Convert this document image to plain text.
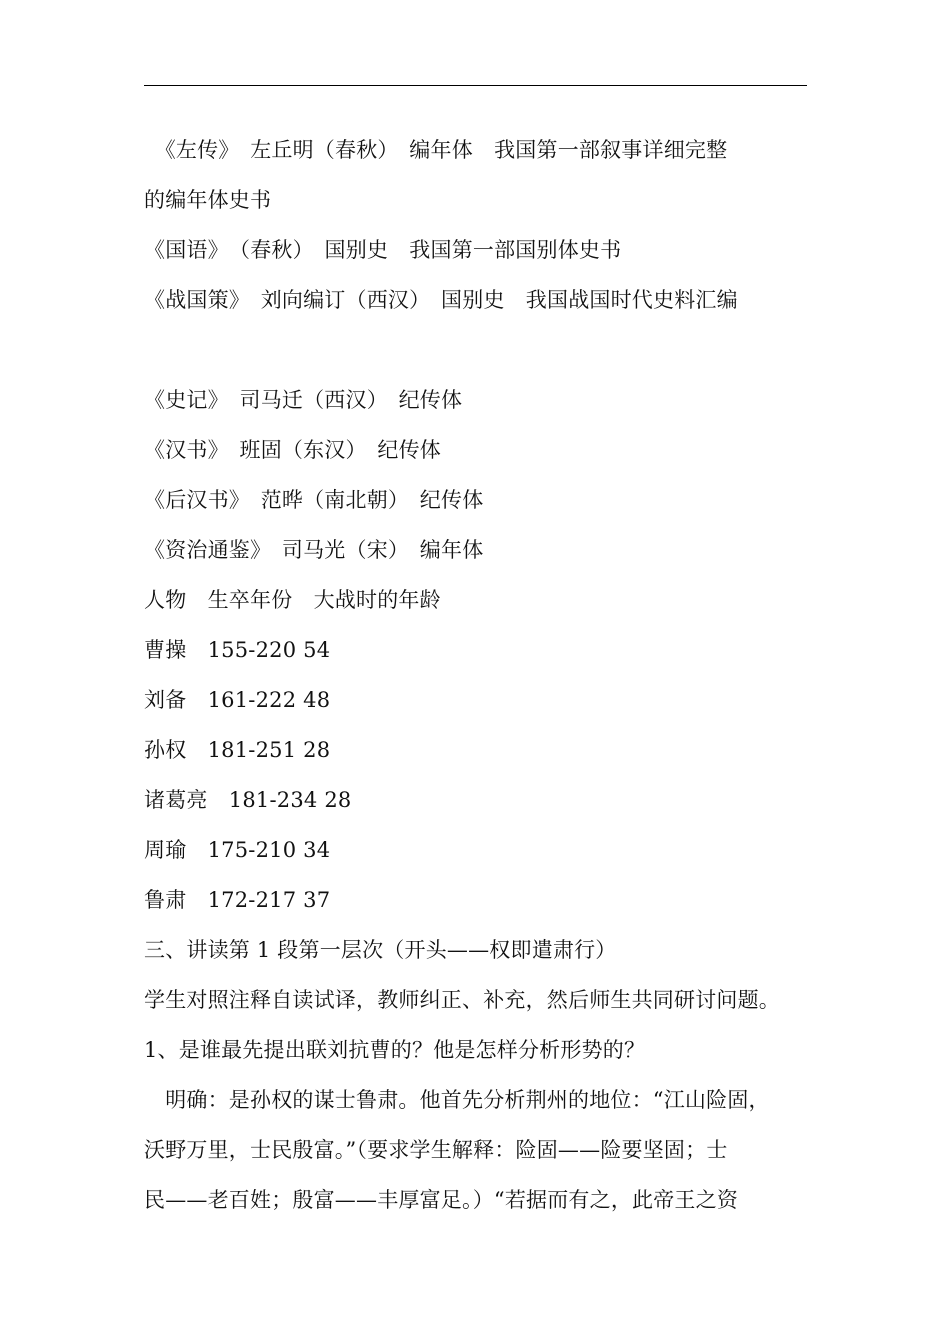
　《左传》　左丘明（春秋）　编年体　我国第一部叙事详细完整
的编年体史书
《国语》　（春秋）　国别史　我国第一部国别体史书
《战国策》　刘向编订（西汉）　国别史　我国战国时代史料汇编
《史记》　司马迁（西汉）　纪传体
《汉书》　班固（东汉）　纪传体
《后汉书》　范晔（南北朝）　纪传体
《资治通鉴》　司马光（宋）　编年体
人物　生卒年份　大战时的年龄
曹操　155-220 54
刘备　161-222 48
孙权　181-251 28
诸葛亮　181-234 28
周瑜　175-210 34
鲁肃　172-217 37
三、讲读第 1 段第一层次（开头——权即遣肃行）
学生对照注释自读试译，教师纠正、补充，然后师生共同研讨问题。
1、是谁最先提出联刘抗曹的？他是怎样分析形势的？
　明确：是孙权的谋士鲁肃。他首先分析荆州的地位：“江山险固，
沃野万里，士民殷富。”（要求学生解释：险固——险要坚固；士
民——老百姓；殷富——丰厚富足。）“若据而有之，此帝王之资
